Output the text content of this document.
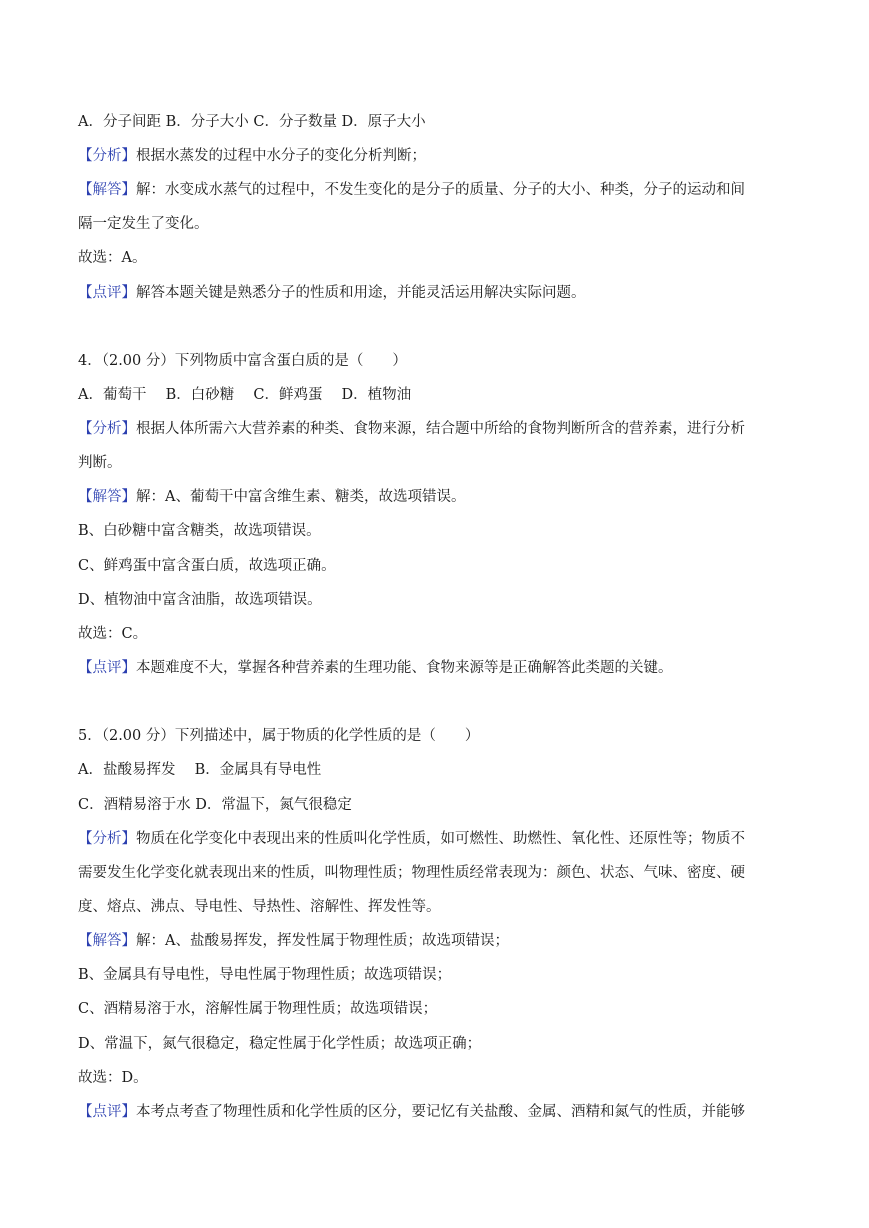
A．分子间距 B．分子大小 C．分子数量 D．原子大小
【分析】根据水蒸发的过程中水分子的变化分析判断；
【解答】解：水变成水蒸气的过程中，不发生变化的是分子的质量、分子的大小、种类，分子的运动和间
隔一定发生了变化。
故选：A。
【点评】解答本题关键是熟悉分子的性质和用途，并能灵活运用解决实际问题。
4．（2.00 分）下列物质中富含蛋白质的是（　　）
A．葡萄干　 B．白砂糖　 C．鲜鸡蛋　 D．植物油
【分析】根据人体所需六大营养素的种类、食物来源，结合题中所给的食物判断所含的营养素，进行分析
判断。
【解答】解：A、葡萄干中富含维生素、糖类，故选项错误。
B、白砂糖中富含糖类，故选项错误。
C、鲜鸡蛋中富含蛋白质，故选项正确。
D、植物油中富含油脂，故选项错误。
故选：C。
【点评】本题难度不大，掌握各种营养素的生理功能、食物来源等是正确解答此类题的关键。
5．（2.00 分）下列描述中，属于物质的化学性质的是（　　）
A．盐酸易挥发　 B．金属具有导电性
C．酒精易溶于水 D．常温下，氮气很稳定
【分析】物质在化学变化中表现出来的性质叫化学性质，如可燃性、助燃性、氧化性、还原性等；物质不
需要发生化学变化就表现出来的性质，叫物理性质；物理性质经常表现为：颜色、状态、气味、密度、硬
度、熔点、沸点、导电性、导热性、溶解性、挥发性等。
【解答】解：A、盐酸易挥发，挥发性属于物理性质；故选项错误；
B、金属具有导电性，导电性属于物理性质；故选项错误；
C、酒精易溶于水，溶解性属于物理性质；故选项错误；
D、常温下，氮气很稳定，稳定性属于化学性质；故选项正确；
故选：D。
【点评】本考点考查了物理性质和化学性质的区分，要记忆有关盐酸、金属、酒精和氮气的性质，并能够
